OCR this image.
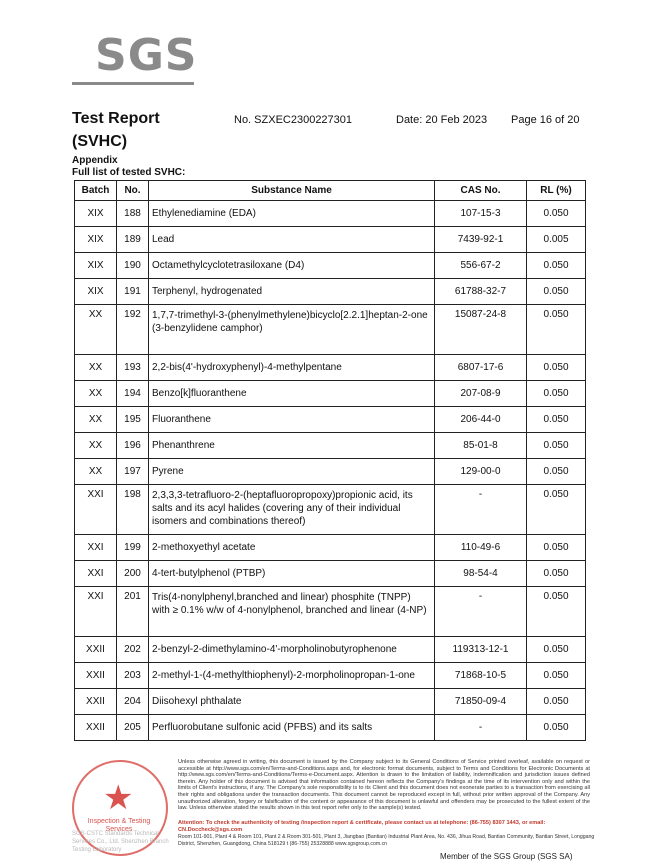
SGS
Test Report
(SVHC)
No. SZXEC2300227301	Date: 20 Feb 2023 Page 16 of 20
Appendix
Full list of tested SVHC:
Batch	No.	Substance Name	CAS No.	RL (%)
XIX	188	Ethylenediamine (EDA)	107-15-3	0.050
XIX	189	Lead	7439-92-1	0.005
XIX	190	Octamethylcyclotetrasiloxane (D4)	556-67-2	0.050
XIX	191	Terphenyl, hydrogenated	61788-32-7	0.050
XX	192	1,7,7-trimethyl-3-(phenylmethylene)bicyclo[2.2.1]heptan-2-one (3-benzylidene camphor)	15087-24-8	0.050
XX	193	2,2-bis(4'-hydroxyphenyl)-4-methylpentane	6807-17-6	0.050
XX	194	Benzo[k]fluoranthene	207-08-9	0.050
XX	195	Fluoranthene	206-44-0	0.050
XX	196	Phenanthrene	85-01-8	0.050
XX	197	Pyrene	129-00-0	0.050
XXI	198	2,3,3,3-tetrafluoro-2-(heptafluoropropoxy)propionic acid, its salts and its acyl halides (covering any of their individual isomers and combinations thereof)	-	0.050
XXI	199	2-methoxyethyl acetate	110-49-6	0.050
XXI	200	4-tert-butylphenol (PTBP)	98-54-4	0.050
XXI	201	Tris(4-nonylphenyl,branched and linear) phosphite (TNPP) with ≥ 0.1% w/w of 4-nonylphenol, branched and linear (4-NP)	-	0.050
XXII	202	2-benzyl-2-dimethylamino-4'-morpholinobutyrophenone	119313-12-1	0.050
XXII	203	2-methyl-1-(4-methylthiophenyl)-2-morpholinopropan-1-one	71868-10-5	0.050
XXII	204	Diisohexyl phthalate	71850-09-4	0.050
XXII	205	Perfluorobutane sulfonic acid (PFBS) and its salts	-	0.050
★
Inspection & Testing Services
SGS-CSTC Standards Technical Services Co., Ltd. Shenzhen Branch Testing Laboratory
Unless otherwise agreed in writing, this document is issued by the Company subject to its General Conditions of Service printed overleaf, available on request or accessible at http://www.sgs.com/en/Terms-and-Conditions.aspx and, for electronic format documents, subject to Terms and Conditions for Electronic Documents at http://www.sgs.com/en/Terms-and-Conditions/Terms-e-Document.aspx. Attention is drawn to the limitation of liability, indemnification and jurisdiction issues defined therein. Any holder of this document is advised that information contained hereon reflects the Company's findings at the time of its intervention only and within the limits of Client's instructions, if any. The Company's sole responsibility is to its Client and this document does not exonerate parties to a transaction from exercising all their rights and obligations under the transaction documents. This document cannot be reproduced except in full, without prior written approval of the Company. Any unauthorized alteration, forgery or falsification of the content or appearance of this document is unlawful and offenders may be prosecuted to the fullest extent of the law. Unless otherwise stated the results shown in this test report refer only to the sample(s) tested.
Attention: To check the authenticity of testing /inspection report & certificate, please contact us at telephone: (86-755) 8307 1443, or email: CN.Doccheck@sgs.com
Room 101-901, Plant 4 & Room 101, Plant 2 & Room 301-501, Plant 3, Jiangbao (Bantian) Industrial Plant Area, No. 436, Jihua Road, Bantian Community, Bantian Street, Longgang District, Shenzhen, Guangdong, China 518129 t (86-755) 25328888 www.sgsgroup.com.cn
Member of the SGS Group (SGS SA)
